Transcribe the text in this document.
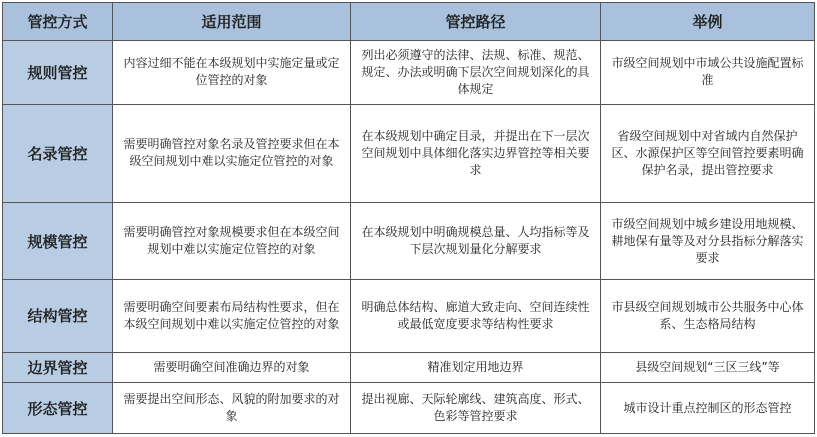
管控方式	适用范围	管控路径	举例
规则管控	内容过细不能在本级规划中实施定量或定位管控的对象	列出必须遵守的法律、法规、标准、规范、规定、办法或明确下层次空间规划深化的具体规定	市级空间规划中市域公共设施配置标准
名录管控	需要明确管控对象名录及管控要求但在本级空间规划中难以实施定位管控的对象	在本级规划中确定目录，并提出在下一层次空间规划中具体细化落实边界管控等相关要求	省级空间规划中对省域内自然保护区、水源保护区等空间管控要素明确保护名录，提出管控要求
规模管控	需要明确管控对象规模要求但在本级空间规划中难以实施定位管控的对象	在本级规划中明确规模总量、人均指标等及下层次规划量化分解要求	市级空间规划中城乡建设用地规模、耕地保有量等及对分县指标分解落实要求
结构管控	需要明确空间要素布局结构性要求，但在本级空间规划中难以实施定位管控的对象	明确总体结构、廊道大致走向、空间连续性或最低宽度要求等结构性要求	市县级空间规划城市公共服务中心体系、生态格局结构
边界管控	需要明确空间准确边界的对象	精准划定用地边界	县级空间规划“三区三线”等
形态管控	需要提出空间形态、风貌的附加要求的对象	提出视廊、天际轮廓线、建筑高度、形式、色彩等管控要求	城市设计重点控制区的形态管控
